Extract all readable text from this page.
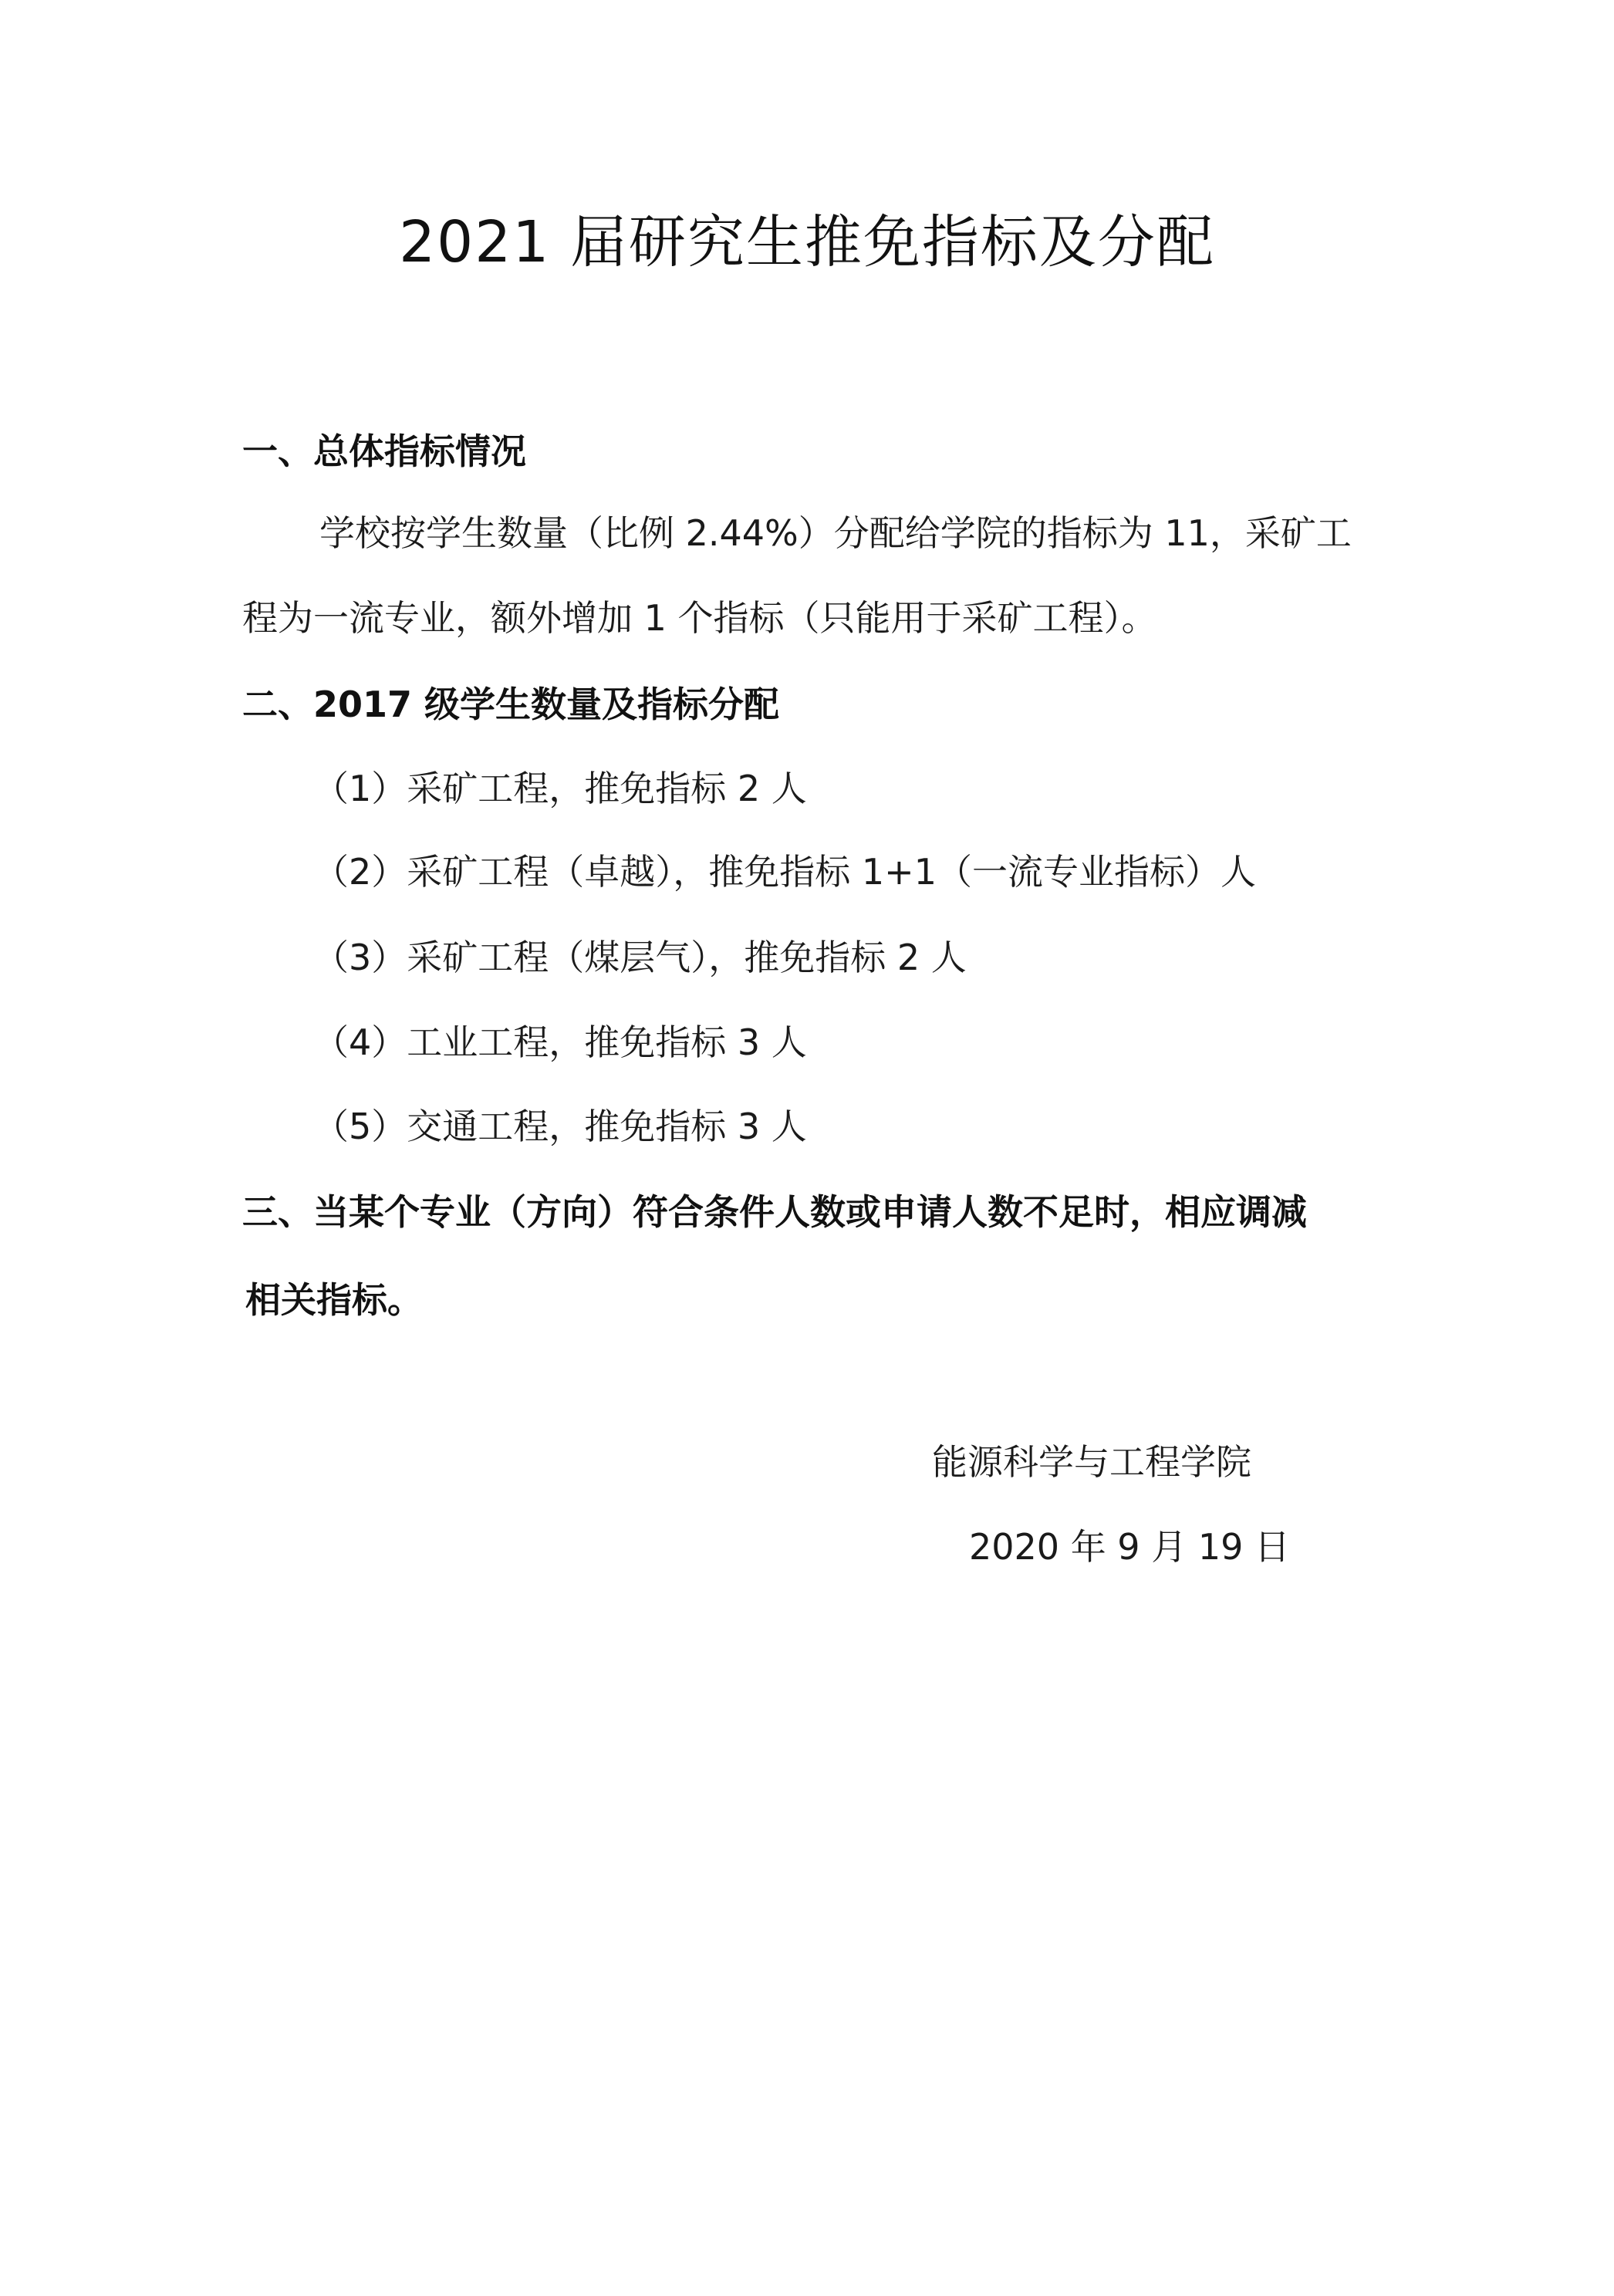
2021 届研究生推免指标及分配
一、总体指标情况

学校按学生数量（比例 2.44%）分配给学院的指标为 11，采矿工

程为一流专业，额外增加 1 个指标（只能用于采矿工程）。

二、2017 级学生数量及指标分配
（1）采矿工程，推免指标 2 人
（2）采矿工程（卓越），推免指标 1+1（一流专业指标）人
（3）采矿工程（煤层气），推免指标 2 人
（4）工业工程，推免指标 3 人
（5）交通工程，推免指标 3 人
三、当某个专业（方向）符合条件人数或申请人数不足时，相应调减
相关指标。
能源科学与工程学院
2020 年 9 月 19 日
